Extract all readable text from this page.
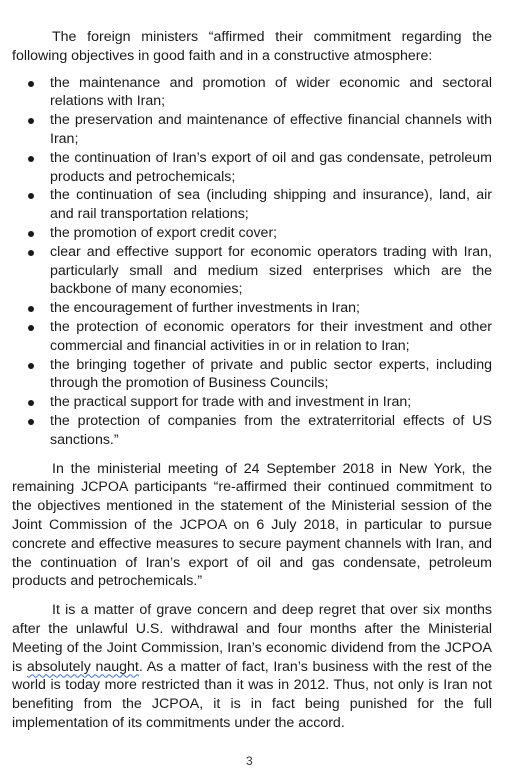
The foreign ministers “affirmed their commitment regarding the following objectives in good faith and in a constructive atmosphere:

the maintenance and promotion of wider economic and sectoral relations with Iran;
the preservation and maintenance of effective financial channels with Iran;
the continuation of Iran’s export of oil and gas condensate, petroleum products and petrochemicals;
the continuation of sea (including shipping and insurance), land, air and rail transportation relations;
the promotion of export credit cover;
clear and effective support for economic operators trading with Iran, particularly small and medium sized enterprises which are the backbone of many economies;
the encouragement of further investments in Iran;
the protection of economic operators for their investment and other commercial and financial activities in or in relation to Iran;
the bringing together of private and public sector experts, including through the promotion of Business Councils;
the practical support for trade with and investment in Iran;
the protection of companies from the extraterritorial effects of US sanctions.”

In the ministerial meeting of 24 September 2018 in New York, the remaining JCPOA participants “re-affirmed their continued commitment to the objectives mentioned in the statement of the Ministerial session of the Joint Commission of the JCPOA on 6 July 2018, in particular to pursue concrete and effective measures to secure payment channels with Iran, and the continuation of Iran’s export of oil and gas condensate, petroleum products and petrochemicals.”

It is a matter of grave concern and deep regret that over six months after the unlawful U.S. withdrawal and four months after the Ministerial Meeting of the Joint Commission, Iran’s economic dividend from the JCPOA is absolutely naught. As a matter of fact, Iran’s business with the rest of the world is today more restricted than it was in 2012. Thus, not only is Iran not benefiting from the JCPOA, it is in fact being punished for the full implementation of its commitments under the accord.

3
